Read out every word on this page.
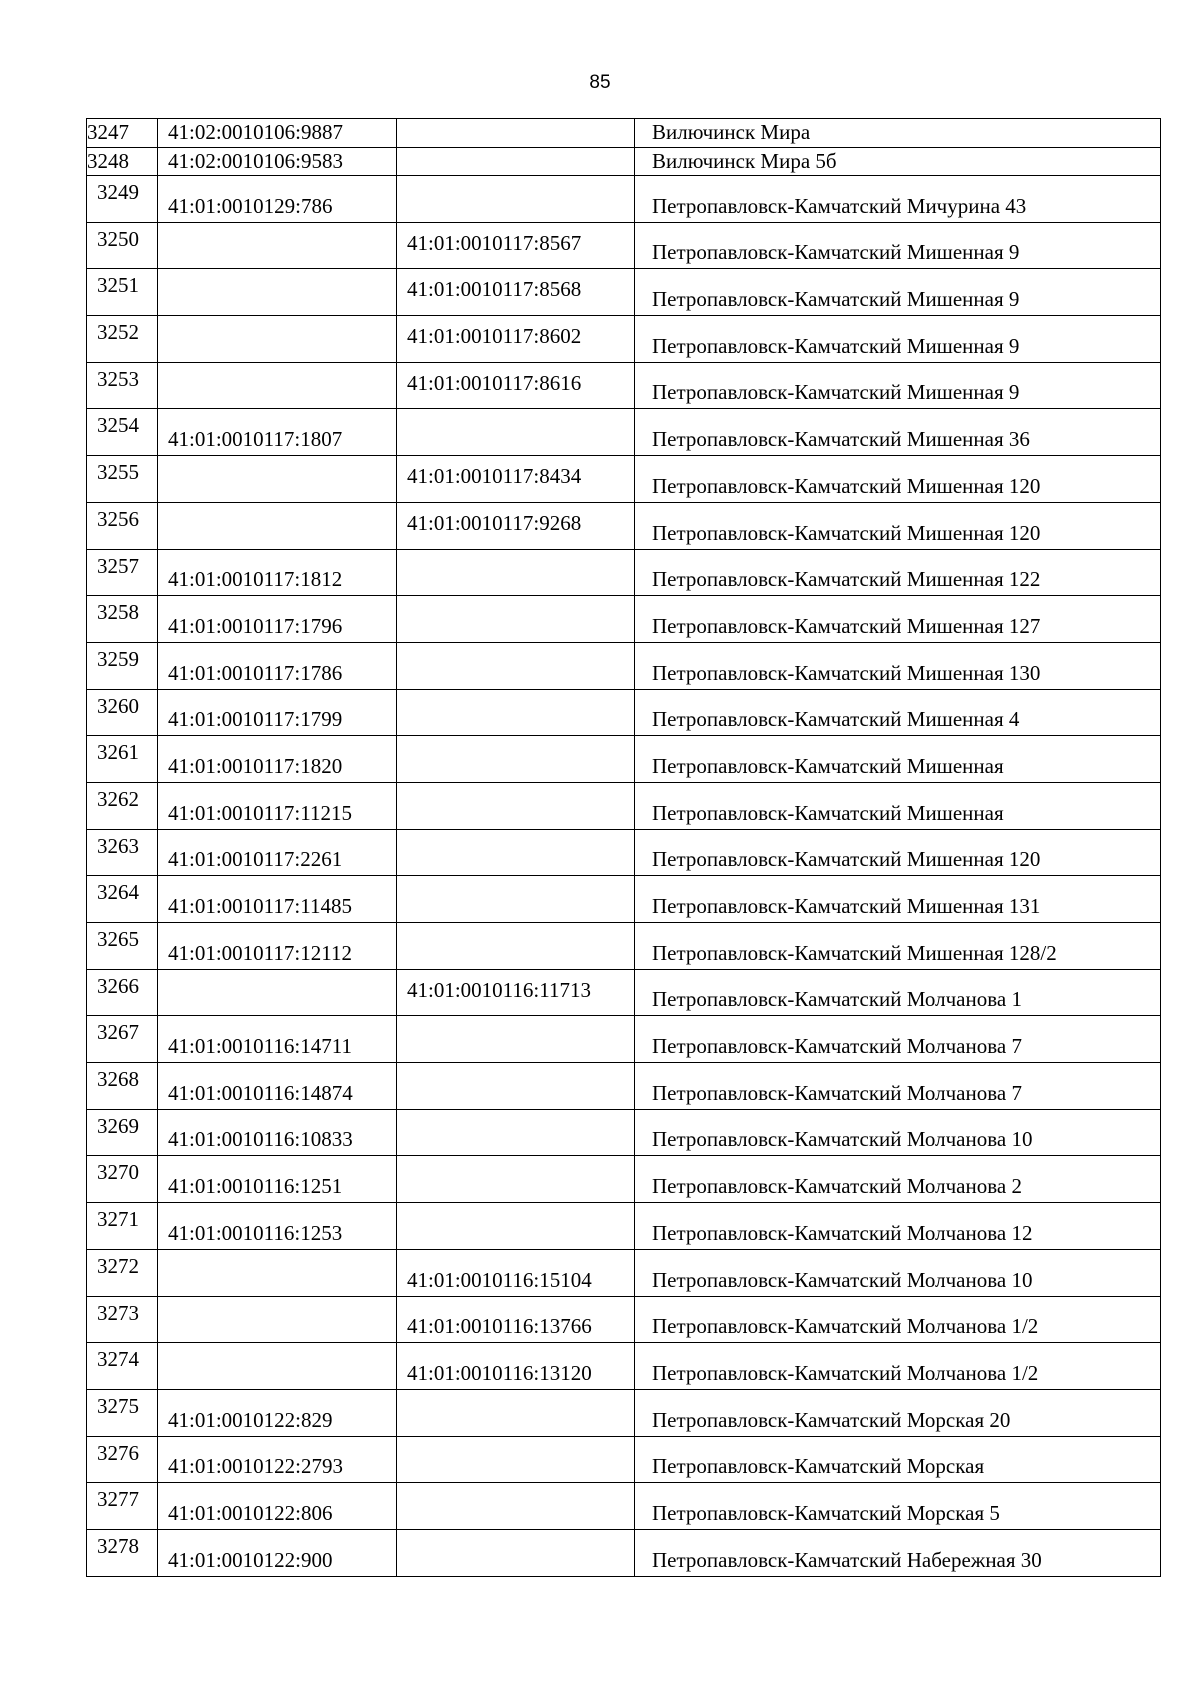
85
3247	41:02:0010106:9887		Вилючинск Мира

3248	41:02:0010106:9583		Вилючинск Мира 5б

3249	41:01:0010129:786		Петропавловск-Камчатский Мичурина 43

3250		41:01:0010117:8567	Петропавловск-Камчатский Мишенная 9

3251		41:01:0010117:8568	Петропавловск-Камчатский Мишенная 9

3252		41:01:0010117:8602	Петропавловск-Камчатский Мишенная 9

3253		41:01:0010117:8616	Петропавловск-Камчатский Мишенная 9

3254	41:01:0010117:1807		Петропавловск-Камчатский Мишенная 36

3255		41:01:0010117:8434	Петропавловск-Камчатский Мишенная 120

3256		41:01:0010117:9268	Петропавловск-Камчатский Мишенная 120

3257	41:01:0010117:1812		Петропавловск-Камчатский Мишенная 122

3258	41:01:0010117:1796		Петропавловск-Камчатский Мишенная 127

3259	41:01:0010117:1786		Петропавловск-Камчатский Мишенная 130

3260	41:01:0010117:1799		Петропавловск-Камчатский Мишенная 4

3261	41:01:0010117:1820		Петропавловск-Камчатский Мишенная

3262	41:01:0010117:11215		Петропавловск-Камчатский Мишенная

3263	41:01:0010117:2261		Петропавловск-Камчатский Мишенная 120

3264	41:01:0010117:11485		Петропавловск-Камчатский Мишенная 131

3265	41:01:0010117:12112		Петропавловск-Камчатский Мишенная 128/2

3266		41:01:0010116:11713	Петропавловск-Камчатский Молчанова 1

3267	41:01:0010116:14711		Петропавловск-Камчатский Молчанова 7

3268	41:01:0010116:14874		Петропавловск-Камчатский Молчанова 7

3269	41:01:0010116:10833		Петропавловск-Камчатский Молчанова 10

3270	41:01:0010116:1251		Петропавловск-Камчатский Молчанова 2

3271	41:01:0010116:1253		Петропавловск-Камчатский Молчанова 12

3272		41:01:0010116:15104	Петропавловск-Камчатский Молчанова 10

3273		41:01:0010116:13766	Петропавловск-Камчатский Молчанова 1/2

3274		41:01:0010116:13120	Петропавловск-Камчатский Молчанова 1/2

3275	41:01:0010122:829		Петропавловск-Камчатский Морская 20

3276	41:01:0010122:2793		Петропавловск-Камчатский Морская

3277	41:01:0010122:806		Петропавловск-Камчатский Морская 5

3278	41:01:0010122:900		Петропавловск-Камчатский Набережная 30
